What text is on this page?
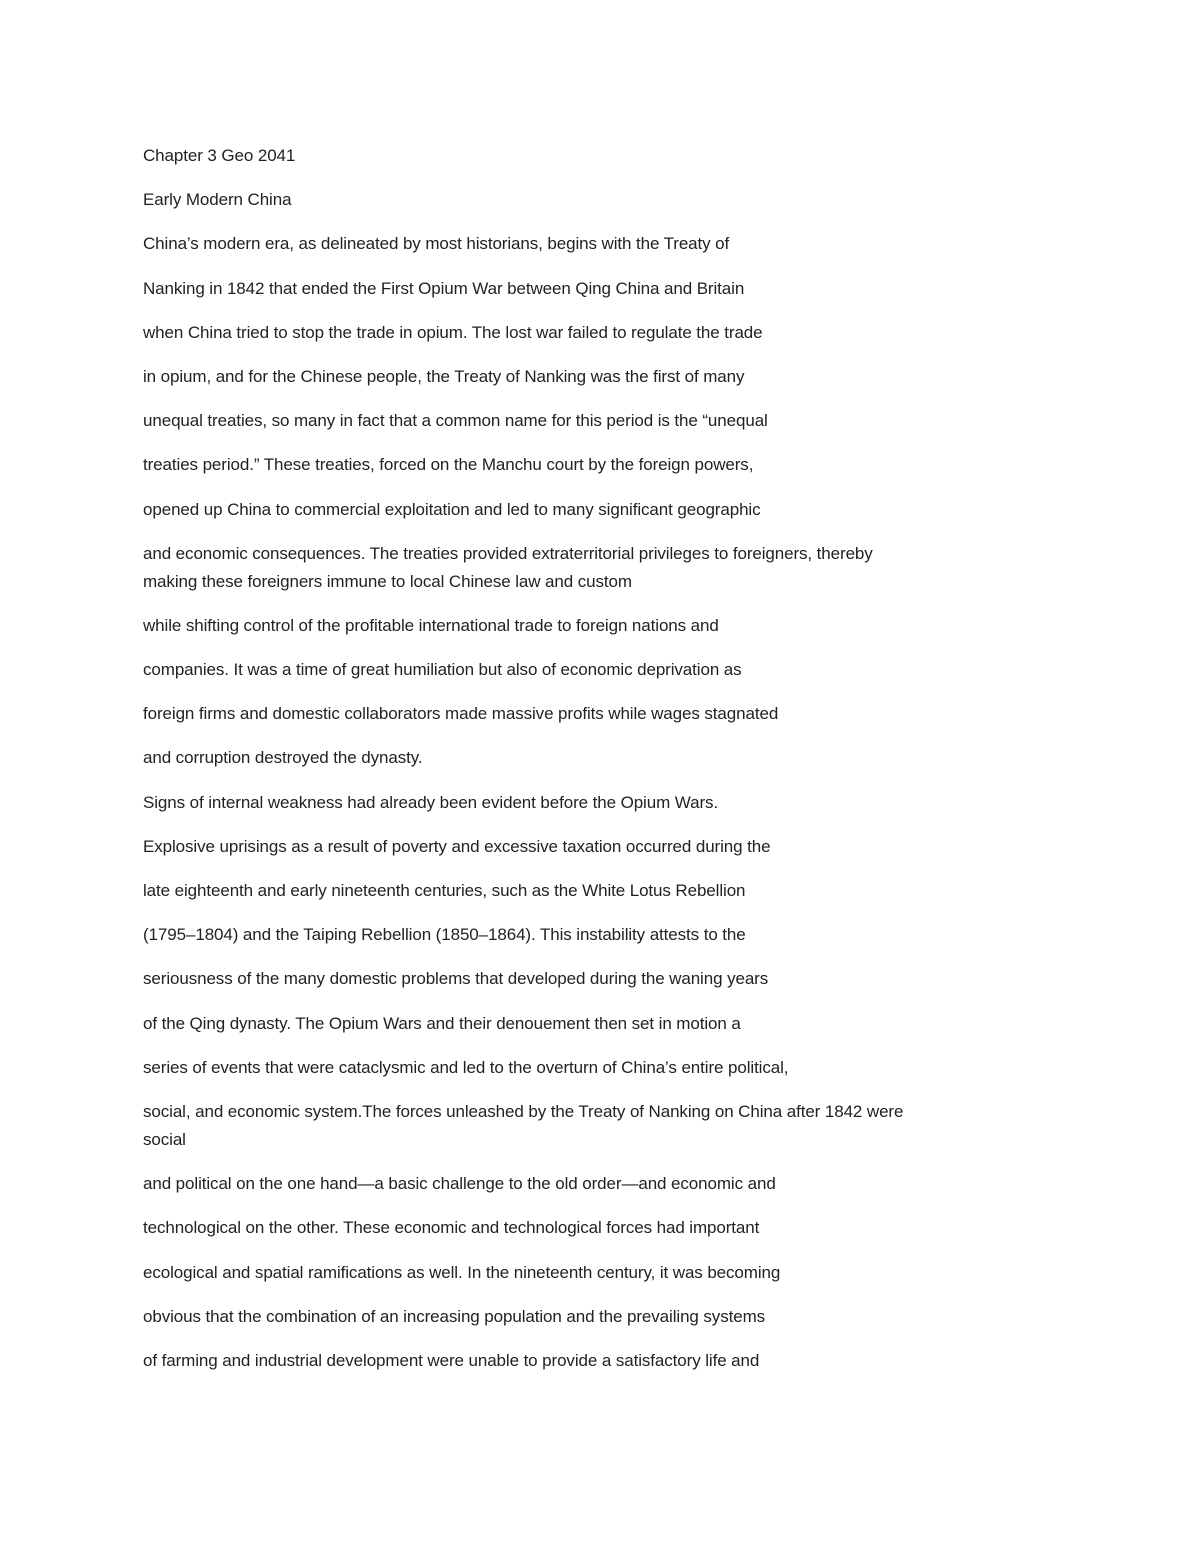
Chapter 3 Geo 2041

Early Modern China

China’s modern era, as delineated by most historians, begins with the Treaty of

Nanking in 1842 that ended the First Opium War between Qing China and Britain

when China tried to stop the trade in opium. The lost war failed to regulate the trade

in opium, and for the Chinese people, the Treaty of Nanking was the first of many

unequal treaties, so many in fact that a common name for this period is the “unequal

treaties period.” These treaties, forced on the Manchu court by the foreign powers,

opened up China to commercial exploitation and led to many significant geographic

and economic consequences. The treaties provided extraterritorial privileges to foreigners, thereby

making these foreigners immune to local Chinese law and custom

while shifting control of the profitable international trade to foreign nations and

companies. It was a time of great humiliation but also of economic deprivation as

foreign firms and domestic collaborators made massive profits while wages stagnated

and corruption destroyed the dynasty.

Signs of internal weakness had already been evident before the Opium Wars.

Explosive uprisings as a result of poverty and excessive taxation occurred during the

late eighteenth and early nineteenth centuries, such as the White Lotus Rebellion

(1795–1804) and the Taiping Rebellion (1850–1864). This instability attests to the

seriousness of the many domestic problems that developed during the waning years

of the Qing dynasty. The Opium Wars and their denouement then set in motion a

series of events that were cataclysmic and led to the overturn of China’s entire political,

social, and economic system.The forces unleashed by the Treaty of Nanking on China after 1842 were

social

and political on the one hand—a basic challenge to the old order—and economic and

technological on the other. These economic and technological forces had important

ecological and spatial ramifications as well. In the nineteenth century, it was becoming

obvious that the combination of an increasing population and the prevailing systems

of farming and industrial development were unable to provide a satisfactory life and
